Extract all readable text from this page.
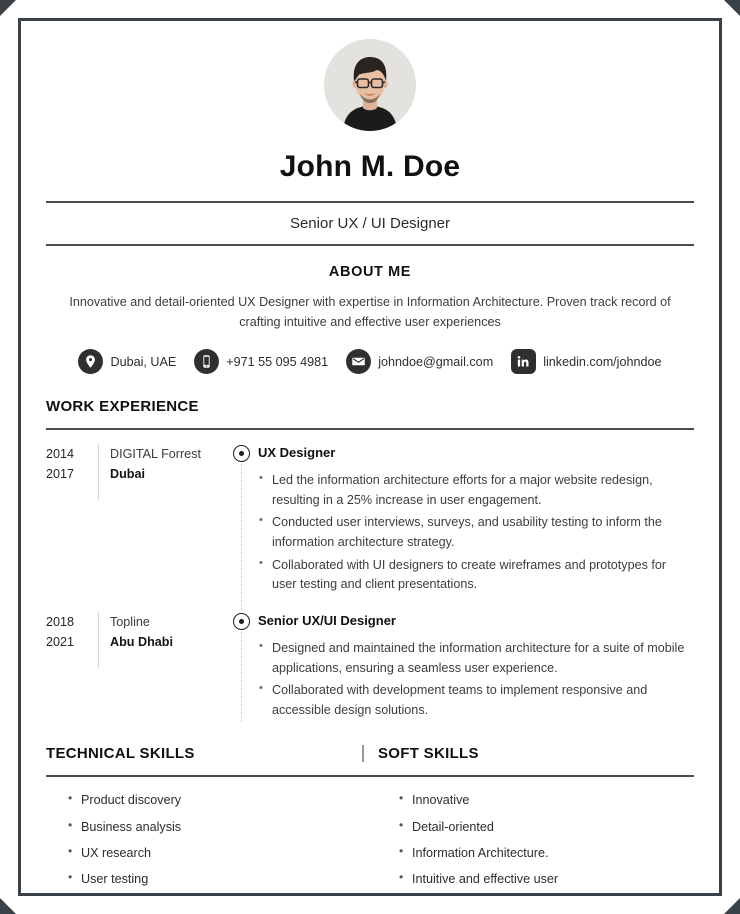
John M. Doe
Senior UX / UI Designer
ABOUT ME
Innovative and detail-oriented UX Designer with expertise in Information Architecture. Proven track record of crafting intuitive and effective user experiences
Dubai, UAE	+971 55 095 4981	johndoe@gmail.com	linkedin.com/johndoe
WORK EXPERIENCE
2014
2017
DIGITAL Forrest
Dubai
UX Designer
• Led the information architecture efforts for a major website redesign, resulting in a 25% increase in user engagement.
• Conducted user interviews, surveys, and usability testing to inform the information architecture strategy.
• Collaborated with UI designers to create wireframes and prototypes for user testing and client presentations.
2018
2021
Topline
Abu Dhabi
Senior UX/UI Designer
• Designed and maintained the information architecture for a suite of mobile applications, ensuring a seamless user experience.
• Collaborated with development teams to implement responsive and accessible design solutions.
TECHNICAL SKILLS	SOFT SKILLS
• Product discovery
• Business analysis
• UX research
• User testing
• Innovative
• Detail-oriented
• Information Architecture.
• Intuitive and effective user
